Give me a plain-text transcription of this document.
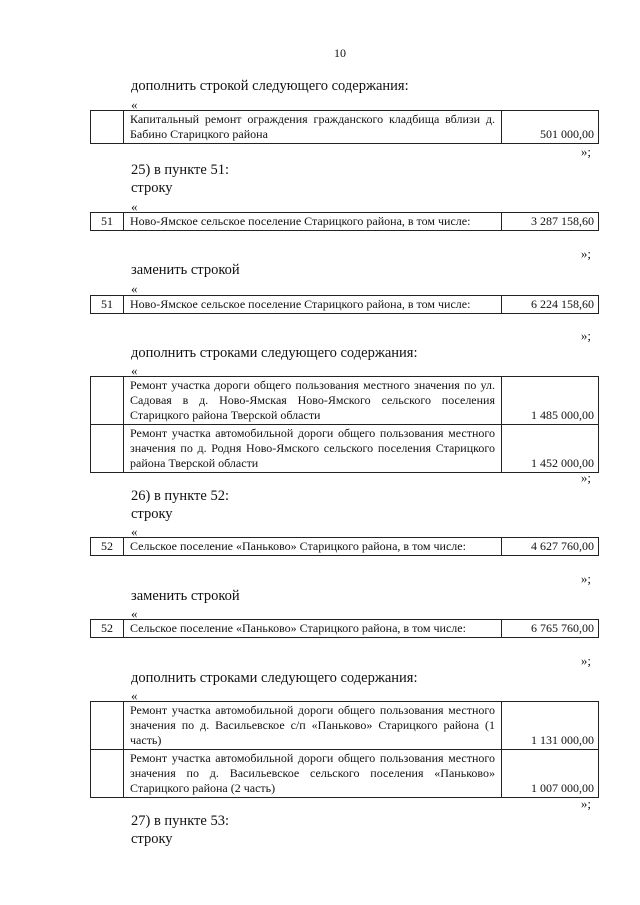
10
дополнить строкой следующего содержания:
«
	Капитальный ремонт ограждения гражданского кладбища вблизи д. Бабино Старицкого района	501 000,00
»;
25) в пункте 51:
строку
«
51	Ново-Ямское сельское поселение Старицкого района, в том числе:	3 287 158,60
»;
заменить строкой
«
51	Ново-Ямское сельское поселение Старицкого района, в том числе:	6 224 158,60
»;
дополнить строками следующего содержания:
«
	Ремонт участка дороги общего пользования местного значения по ул. Садовая в д. Ново-Ямская Ново-Ямского сельского поселения Старицкого района Тверской области	1 485 000,00
	Ремонт участка автомобильной дороги общего пользования местного значения по д. Родня Ново-Ямского сельского поселения Старицкого района Тверской области	1 452 000,00
»;
26) в пункте 52:
строку
«
52	Сельское поселение «Паньково» Старицкого района, в том числе:	4 627 760,00
»;
заменить строкой
«
52	Сельское поселение «Паньково» Старицкого района, в том числе:	6 765 760,00
»;
дополнить строками следующего содержания:
«
	Ремонт участка автомобильной дороги общего пользования местного значения по д. Васильевское с/п «Паньково» Старицкого района (1 часть)	1 131 000,00
	Ремонт участка автомобильной дороги общего пользования местного значения по д. Васильевское сельского поселения «Паньково» Старицкого района (2 часть)	1 007 000,00
»;
27) в пункте 53:
строку
